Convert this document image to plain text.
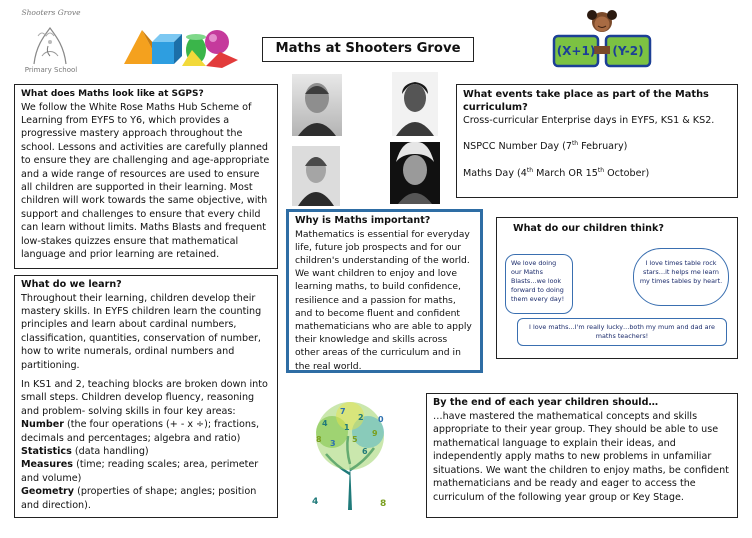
Shooters Grove
Primary School
Maths at Shooters Grove	(X+1)	(Y-2)
What does Maths look like at SGPS?

We follow the White Rose Maths Hub Scheme of Learning from EYFS to Y6, which provides a progressive mastery approach throughout the school. Lessons and activities are carefully planned to ensure they are challenging and age-appropriate and a wide range of resources are used to ensure all children are supported in their learning. Most children will work towards the same objective, with support and challenges to ensure that every child can learn without limits. Maths Blasts and frequent low-stakes quizzes ensure that mathematical language and prior learning are retained.

What events take place as part of the Maths curriculum?

Cross-curricular Enterprise days in EYFS, KS1 & KS2.

NSPCC Number Day (7th February)

Maths Day (4th March OR 15th October)

Why is Maths important?

Mathematics is essential for everyday life, future job prospects and for our children's understanding of the world. We want children to enjoy and love learning maths, to build confidence, resilience and a passion for maths, and to become fluent and confident mathematicians who are able to apply their knowledge and skills across other areas of the curriculum and in the real world.

What do our children think?
We love doing our Maths Blasts…we look forward to doing them every day!
I love times table rock stars…it helps me learn my times tables by heart.
I love maths…I'm really lucky…both my mum and dad are maths teachers!
What do we learn?

Throughout their learning, children develop their mastery skills. In EYFS children learn the counting principles and learn about cardinal numbers, classification, quantities, conservation of number, how to write numerals, ordinal numbers and partitioning.

In KS1 and 2, teaching blocks are broken down into small steps. Children develop fluency, reasoning and problem- solving skills in four key areas:

Number (the four operations (+ - x ÷); fractions, decimals and percentages; algebra and ratio)

Statistics (data handling)

Measures (time; reading scales; area, perimeter and volume)

Geometry (properties of shape; angles; position and direction).

4
7
2
9
3 5
8
6
1
0
4	8
By the end of each year children should…

…have mastered the mathematical concepts and skills appropriate to their year group. They should be able to use mathematical language to explain their ideas, and independently apply maths to new problems in unfamiliar situations. We want the children to enjoy maths, be confident mathematicians and be ready and eager to access the curriculum of the following year group or Key Stage.
